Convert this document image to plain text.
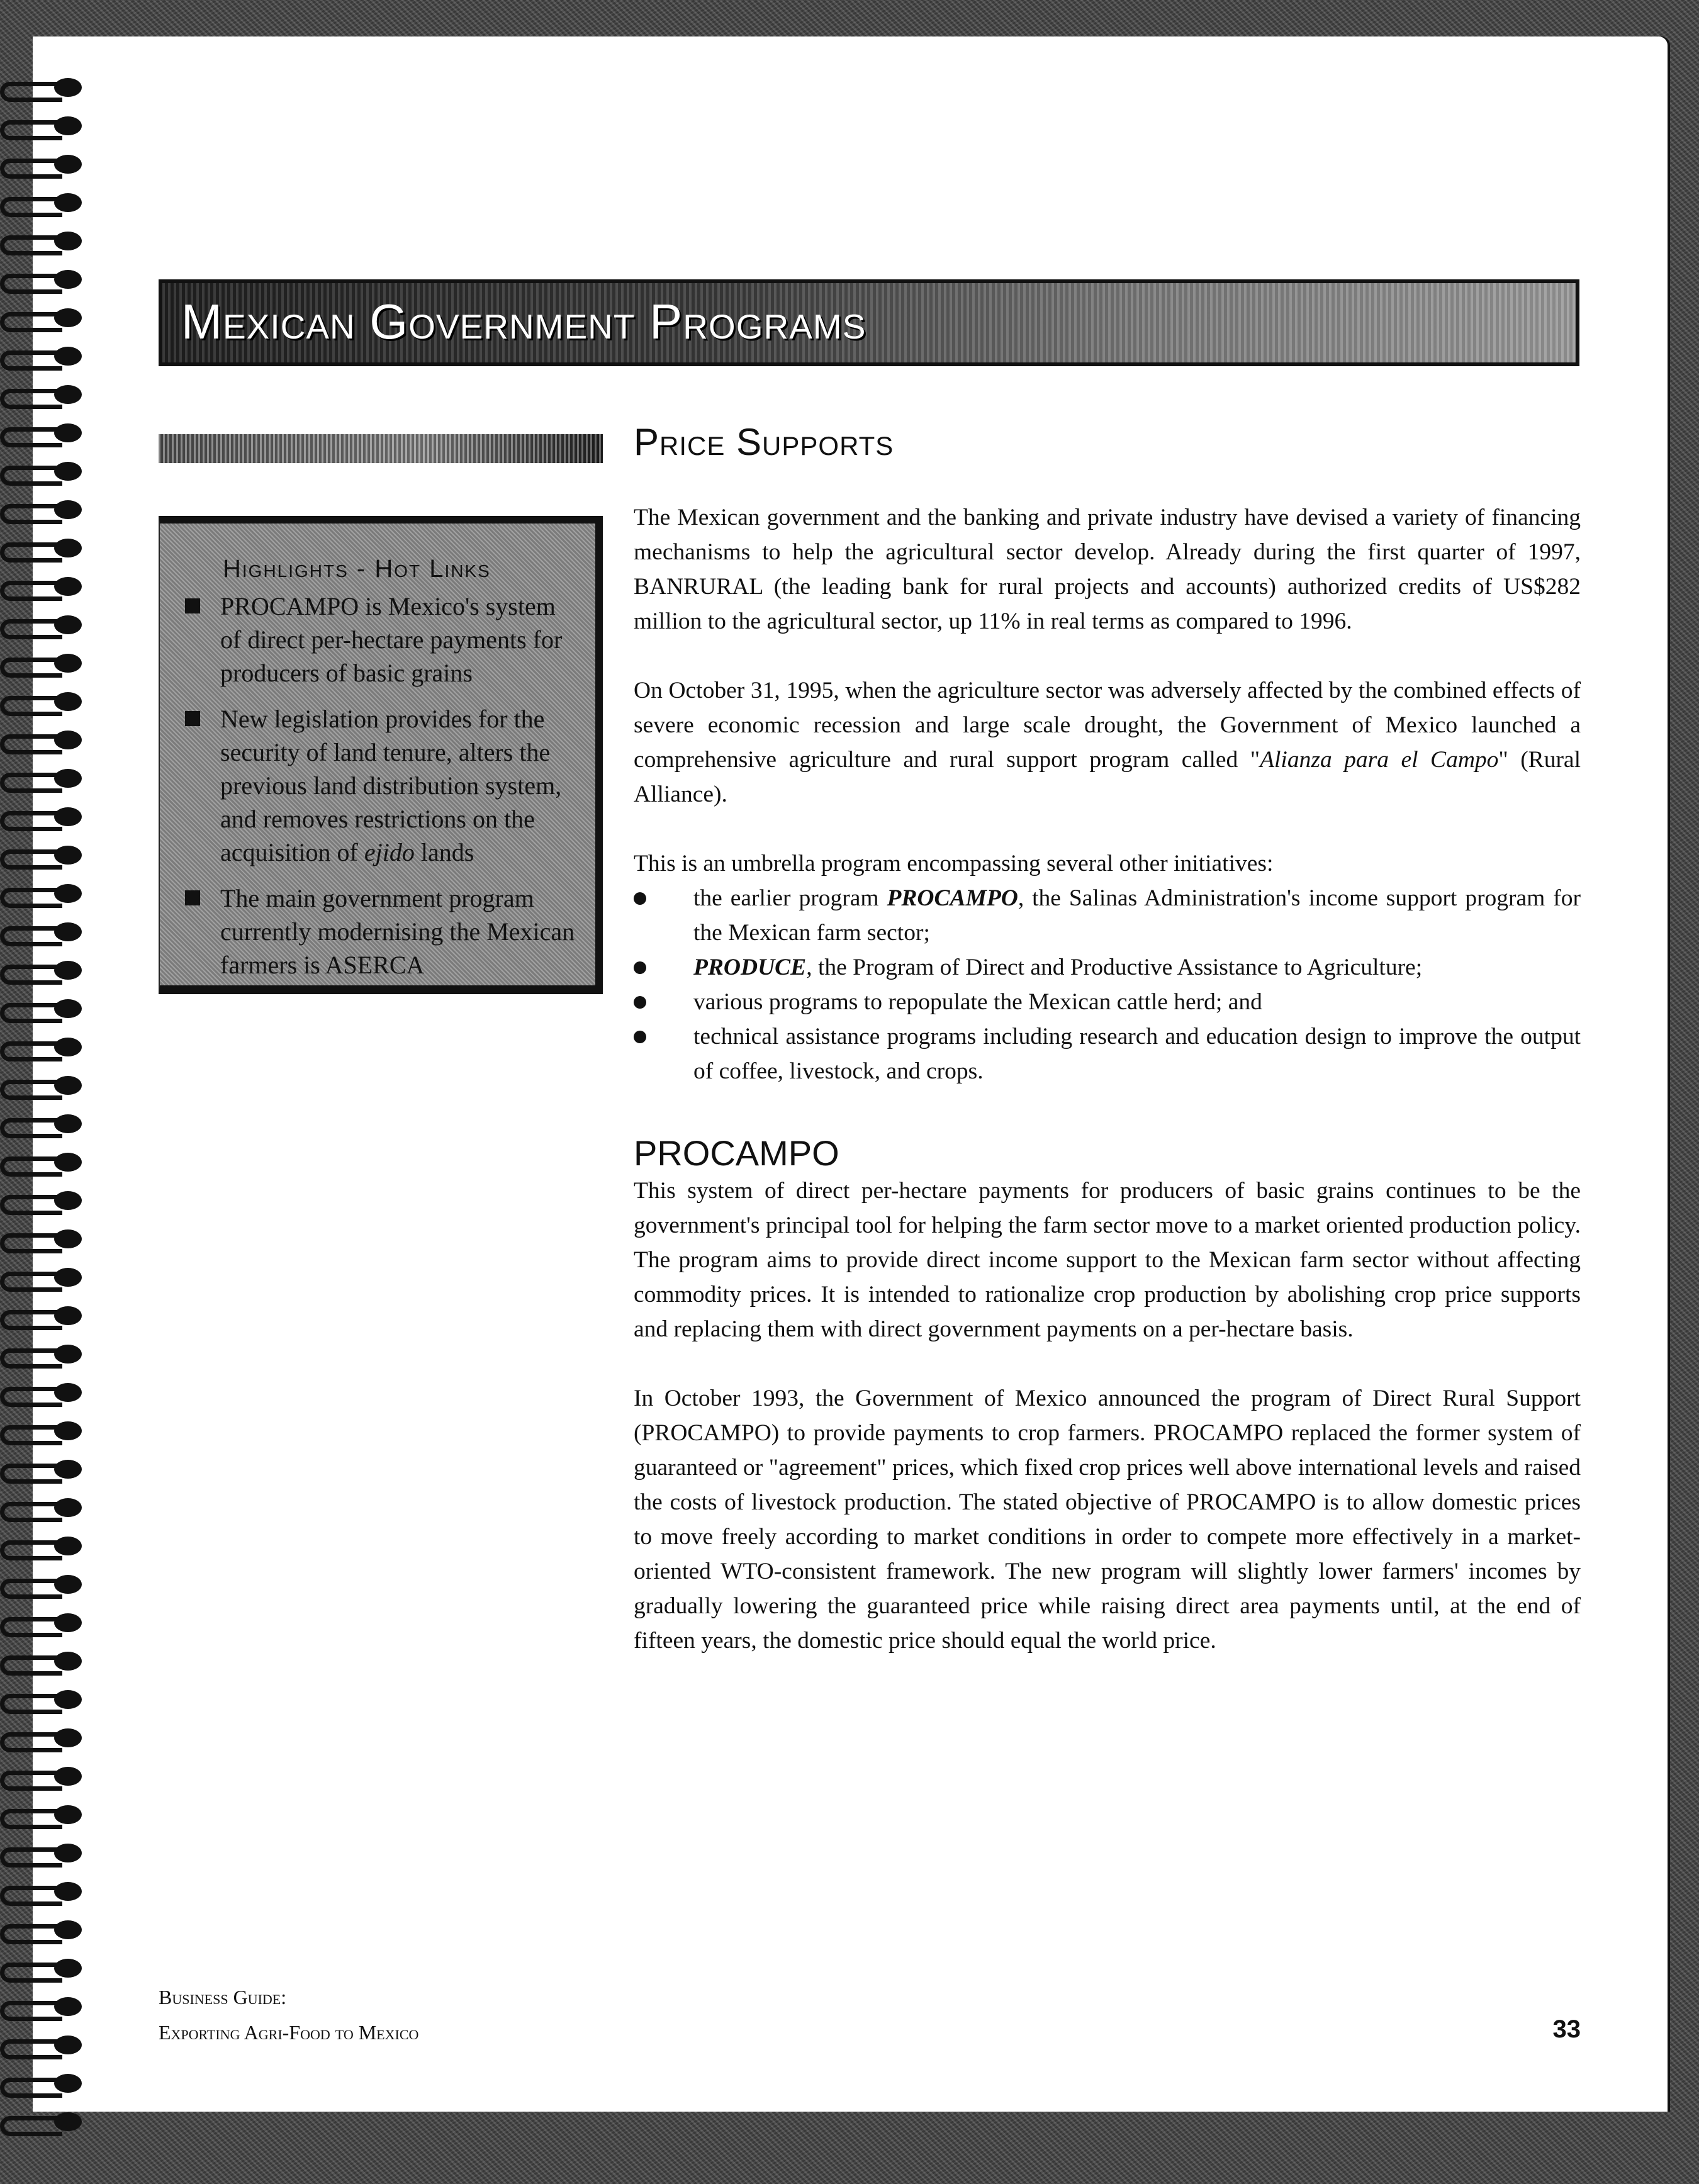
Mexican Government Programs
Highlights - Hot Links
PROCAMPO is Mexico's system of direct per-hectare payments for producers of basic grains
New legislation provides for the security of land tenure, alters the previous land distribution system, and removes restrictions on the acquisition of ejido lands
The main government program currently modernising the Mexican farmers is ASERCA
Price Supports

The Mexican government and the banking and private industry have devised a variety of financing mechanisms to help the agricultural sector develop. Already during the first quarter of 1997, BANRURAL (the leading bank for rural projects and accounts) authorized credits of US$282 million to the agricultural sector, up 11% in real terms as compared to 1996.

On October 31, 1995, when the agriculture sector was adversely affected by the combined effects of severe economic recession and large scale drought, the Government of Mexico launched a comprehensive agriculture and rural support program called "Alianza para el Campo" (Rural Alliance).

This is an umbrella program encompassing several other initiatives:

the earlier program PROCAMPO, the Salinas Administration's income support program for the Mexican farm sector;
PRODUCE, the Program of Direct and Productive Assistance to Agriculture;
various programs to repopulate the Mexican cattle herd; and
technical assistance programs including research and education design to improve the output of coffee, livestock, and crops.
PROCAMPO

This system of direct per-hectare payments for producers of basic grains continues to be the government's principal tool for helping the farm sector move to a market oriented production policy. The program aims to provide direct income support to the Mexican farm sector without affecting commodity prices. It is intended to rationalize crop production by abolishing crop price supports and replacing them with direct government payments on a per-hectare basis.

In October 1993, the Government of Mexico announced the program of Direct Rural Support (PROCAMPO) to provide payments to crop farmers. PROCAMPO replaced the former system of guaranteed or "agreement" prices, which fixed crop prices well above international levels and raised the costs of livestock production. The stated objective of PROCAMPO is to allow domestic prices to move freely according to market conditions in order to compete more effectively in a market-oriented WTO-consistent framework. The new program will slightly lower farmers' incomes by gradually lowering the guaranteed price while raising direct area payments until, at the end of fifteen years, the domestic price should equal the world price.

Business Guide:
Exporting Agri-Food to Mexico	33
